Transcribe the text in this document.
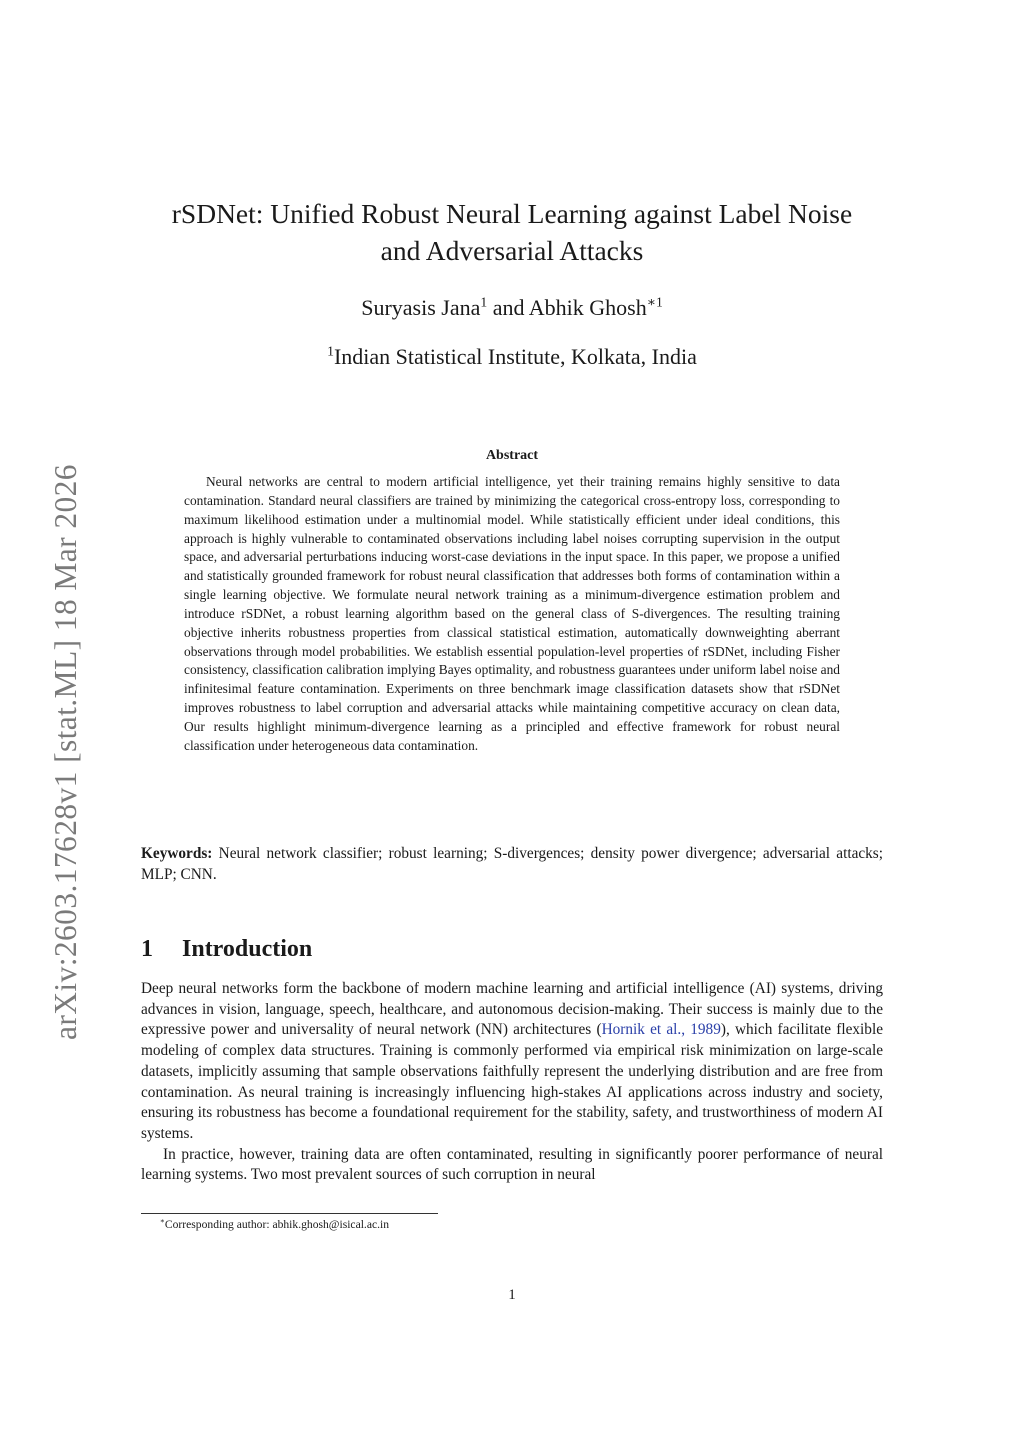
arXiv:2603.17628v1 [stat.ML] 18 Mar 2026
rSDNet: Unified Robust Neural Learning against Label Noise
and Adversarial Attacks
Suryasis Jana$^1$ and Abhik Ghosh$^{∗1}$
$^1$Indian Statistical Institute, Kolkata, India
Abstract

Neural networks are central to modern artificial intelligence, yet their training remains highly sensitive to data contamination. Standard neural classifiers are trained by minimizing the categorical cross-entropy loss, corresponding to maximum likelihood estimation under a multinomial model. While statistically efficient under ideal conditions, this approach is highly vulnerable to contaminated observations including label noises corrupting supervision in the output space, and adversarial perturbations inducing worst-case deviations in the input space. In this paper, we propose a unified and statistically grounded framework for robust neural classification that addresses both forms of contamination within a single learning objective. We formulate neural network training as a minimum-divergence estimation problem and introduce rSDNet, a robust learning algorithm based on the general class of S-divergences. The resulting training objective inherits robustness properties from classical statistical estimation, automatically downweighting aberrant observations through model probabilities. We establish essential population-level properties of rSDNet, including Fisher consistency, classification calibration implying Bayes optimality, and robustness guarantees under uniform label noise and infinitesimal feature contamination. Experiments on three benchmark image classification datasets show that rSDNet improves robustness to label corruption and adversarial attacks while maintaining competitive accuracy on clean data, Our results highlight minimum-divergence learning as a principled and effective framework for robust neural classification under heterogeneous data contamination.

Keywords: Neural network classifier; robust learning; S-divergences; density power divergence; adversarial attacks; MLP; CNN.

1 Introduction

Deep neural networks form the backbone of modern machine learning and artificial intelligence (AI) systems, driving advances in vision, language, speech, healthcare, and autonomous decision-making. Their success is mainly due to the expressive power and universality of neural network (NN) architectures (Hornik et al., 1989), which facilitate flexible modeling of complex data structures. Training is commonly performed via empirical risk minimization on large-scale datasets, implicitly assuming that sample observations faithfully represent the underlying distribution and are free from contamination. As neural training is increasingly influencing high-stakes AI applications across industry and society, ensuring its robustness has become a foundational requirement for the stability, safety, and trustworthiness of modern AI systems.

In practice, however, training data are often contaminated, resulting in significantly poorer performance of neural learning systems. Two most prevalent sources of such corruption in neural

∗Corresponding author: abhik.ghosh@isical.ac.in
1
